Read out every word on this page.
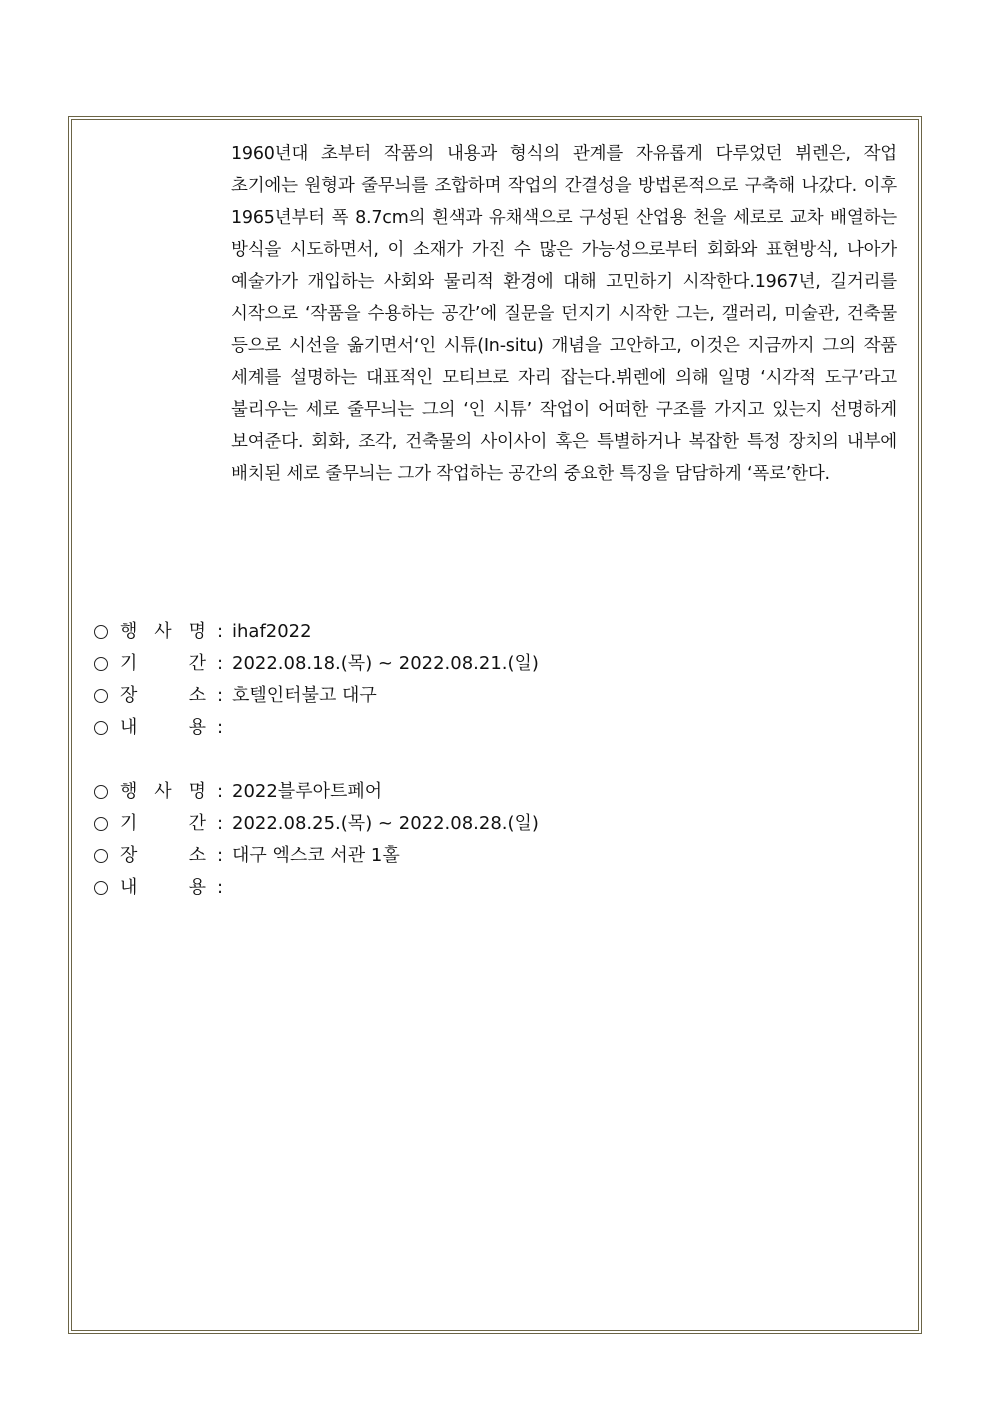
1960년대 초부터 작품의 내용과 형식의 관계를 자유롭게 다루었던 뷔렌은, 작업 초기에는 원형과 줄무늬를 조합하며 작업의 간결성을 방법론적으로 구축해 나갔다. 이후 1965년부터 폭 8.7cm의 흰색과 유채색으로 구성된 산업용 천을 세로로 교차 배열하는 방식을 시도하면서, 이 소재가 가진 수 많은 가능성으로부터 회화와 표현방식, 나아가 예술가가 개입하는 사회와 물리적 환경에 대해 고민하기 시작한다.1967년, 길거리를 시작으로 ‘작품을 수용하는 공간’에 질문을 던지기 시작한 그는, 갤러리, 미술관, 건축물 등으로 시선을 옮기면서‘인 시튜(In-situ) 개념을 고안하고, 이것은 지금까지 그의 작품 세계를 설명하는 대표적인 모티브로 자리 잡는다.뷔렌에 의해 일명 ‘시각적 도구’라고 불리우는 세로 줄무늬는 그의 ‘인 시튜’ 작업이 어떠한 구조를 가지고 있는지 선명하게 보여준다. 회화, 조각, 건축물의 사이사이 혹은 특별하거나 복잡한 특정 장치의 내부에 배치된 세로 줄무늬는 그가 작업하는 공간의 중요한 특징을 담담하게 ‘폭로’한다.

행 사 명 : ihaf2022
기	간 : 2022.08.18.(목) ~ 2022.08.21.(일)
장	소 : 호텔인터불고 대구
내	용 :
행 사 명 : 2022블루아트페어
기	간 : 2022.08.25.(목) ~ 2022.08.28.(일)
장	소 : 대구 엑스코 서관 1홀
내	용 :
